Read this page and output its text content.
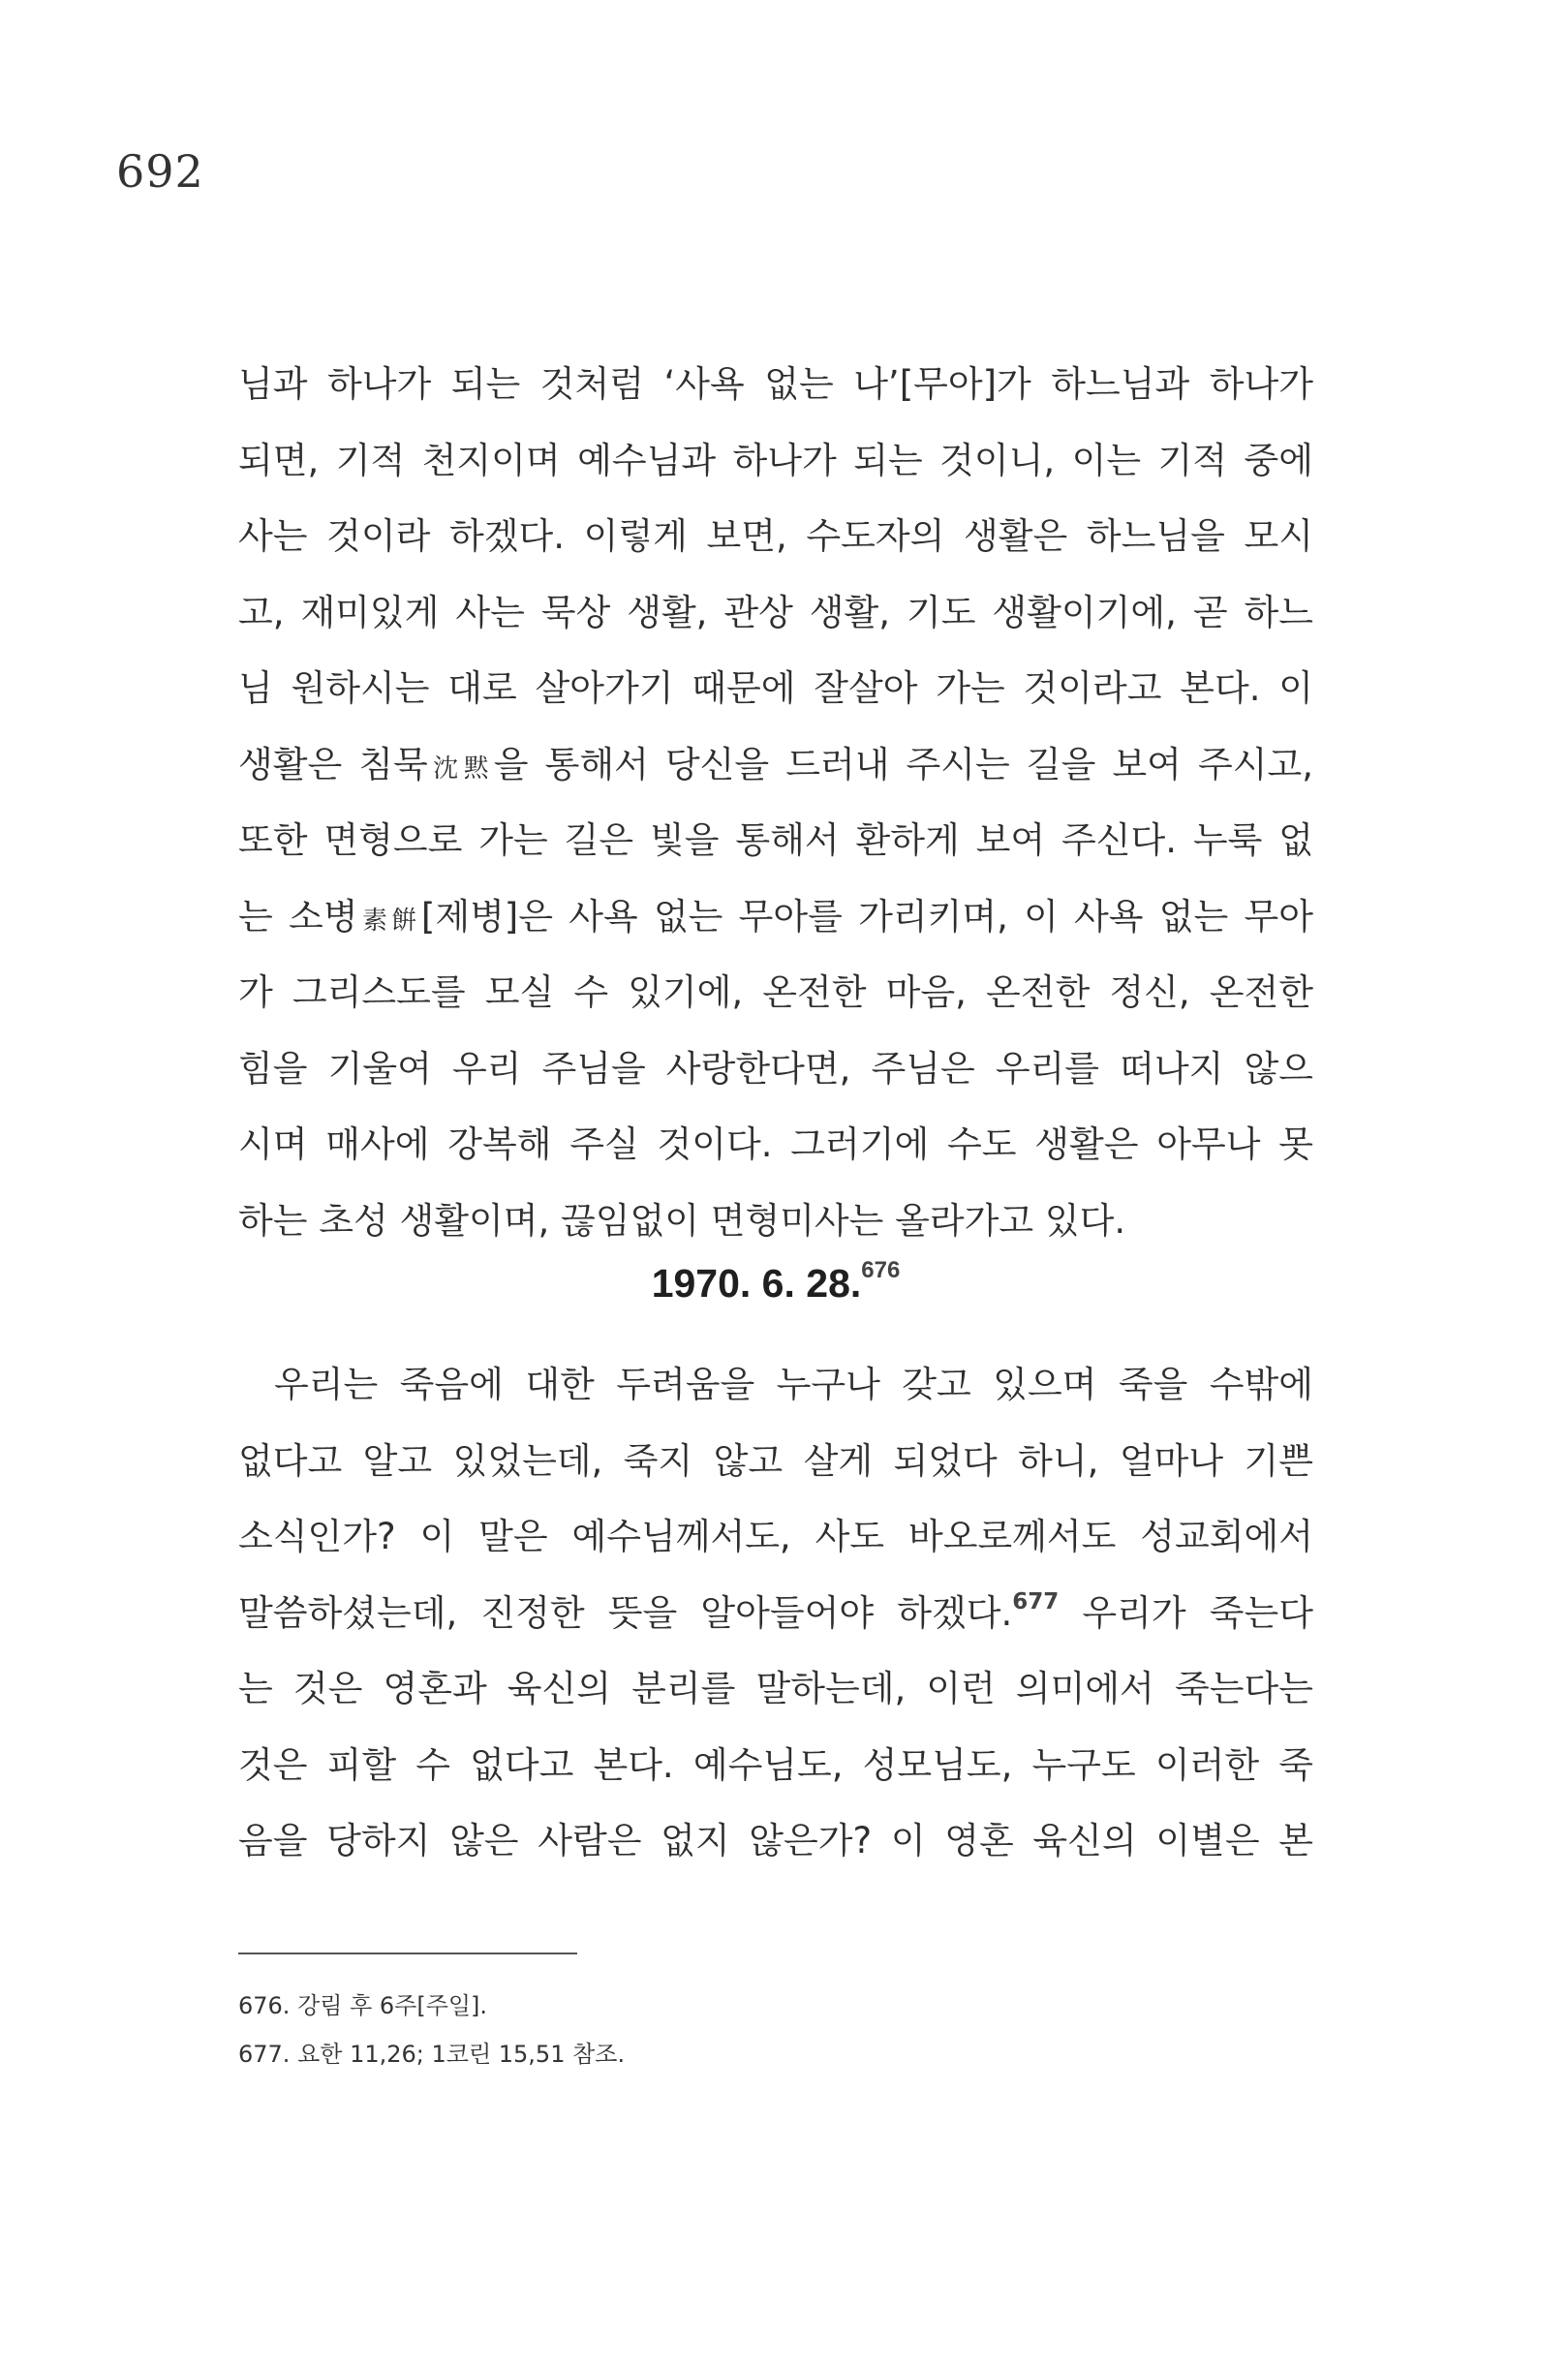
692
님과 하나가 되는 것처럼 ‘사욕 없는 나’[무아]가 하느님과 하나가
되면, 기적 천지이며 예수님과 하나가 되는 것이니, 이는 기적 중에
사는 것이라 하겠다. 이렇게 보면, 수도자의 생활은 하느님을 모시
고, 재미있게 사는 묵상 생활, 관상 생활, 기도 생활이기에, 곧 하느
님 원하시는 대로 살아가기 때문에 잘살아 가는 것이라고 본다. 이
생활은 침묵沈黙을 통해서 당신을 드러내 주시는 길을 보여 주시고,
또한 면형으로 가는 길은 빛을 통해서 환하게 보여 주신다. 누룩 없
는 소병素餠[제병]은 사욕 없는 무아를 가리키며, 이 사욕 없는 무아
가 그리스도를 모실 수 있기에, 온전한 마음, 온전한 정신, 온전한
힘을 기울여 우리 주님을 사랑한다면, 주님은 우리를 떠나지 않으
시며 매사에 강복해 주실 것이다. 그러기에 수도 생활은 아무나 못
하는 초성 생활이며, 끊임없이 면형미사는 올라가고 있다.
1970. 6. 28.$^{676}$
우리는 죽음에 대한 두려움을 누구나 갖고 있으며 죽을 수밖에
없다고 알고 있었는데, 죽지 않고 살게 되었다 하니, 얼마나 기쁜
소식인가? 이 말은 예수님께서도, 사도 바오로께서도 성교회에서
말씀하셨는데, 진정한 뜻을 알아들어야 하겠다.$^{677}$ 우리가 죽는다
는 것은 영혼과 육신의 분리를 말하는데, 이런 의미에서 죽는다는
것은 피할 수 없다고 본다. 예수님도, 성모님도, 누구도 이러한 죽
음을 당하지 않은 사람은 없지 않은가? 이 영혼 육신의 이별은 본
676. 강림 후 6주[주일].
677. 요한 11,26; 1코린 15,51 참조.
